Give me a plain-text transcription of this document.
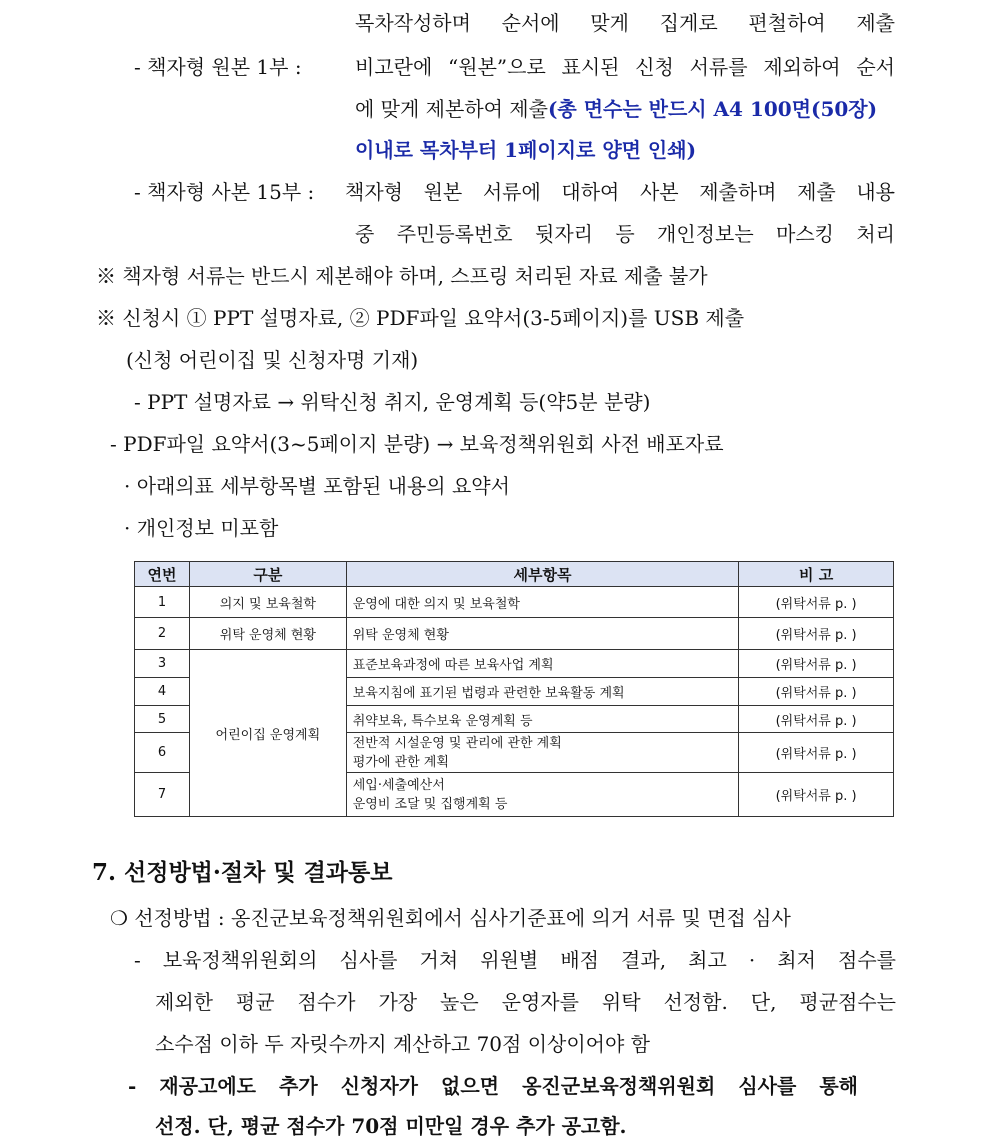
목차작성하며 순서에 맞게 집게로 편철하여 제출
- 책자형 원본 1부 :	비고란에 “원본”으로 표시된 신청 서류를 제외하여 순서
에 맞게 제본하여 제출(총 면수는 반드시 A4 100면(50장)
이내로 목차부터 1페이지로 양면 인쇄)
- 책자형 사본 15부 : 책자형 원본 서류에 대하여 사본 제출하며 제출 내용
중 주민등록번호 뒷자리 등 개인정보는 마스킹 처리
※ 책자형 서류는 반드시 제본해야 하며, 스프링 처리된 자료 제출 불가
※ 신청시 ① PPT 설명자료, ② PDF파일 요약서(3-5페이지)를 USB 제출
(신청 어린이집 및 신청자명 기재)
- PPT 설명자료 → 위탁신청 취지, 운영계획 등(약5분 분량)
- PDF파일 요약서(3~5페이지 분량) → 보육정책위원회 사전 배포자료
· 아래의표 세부항목별 포함된 내용의 요약서
· 개인정보 미포함
연번	구분	세부항목	비 고
1	의지 및 보육철학	운영에 대한 의지 및 보육철학	(위탁서류 p. )
2	위탁 운영체 현황	위탁 운영체 현황	(위탁서류 p. )
3	어린이집 운영계획	표준보육과정에 따른 보육사업 계획	(위탁서류 p. )
4		보육지침에 표기된 법령과 관련한 보육활동 계획	(위탁서류 p. )
5		취약보육, 특수보육 운영계획 등	(위탁서류 p. )
6		전반적 시설운영 및 관리에 관한 계획
평가에 관한 계획	(위탁서류 p. )
7		세입·세출예산서
운영비 조달 및 집행계획 등	(위탁서류 p. )
7. 선정방법·절차 및 결과통보
❍ 선정방법 : 옹진군보육정책위원회에서 심사기준표에 의거 서류 및 면접 심사
- 보육정책위원회의 심사를 거쳐 위원별 배점 결과, 최고 · 최저 점수를
제외한 평균 점수가 가장 높은 운영자를 위탁 선정함. 단, 평균점수는
소수점 이하 두 자릿수까지 계산하고 70점 이상이어야 함
- 재공고에도 추가 신청자가 없으면 옹진군보육정책위원회 심사를 통해
선정. 단, 평균 점수가 70점 미만일 경우 추가 공고함.
